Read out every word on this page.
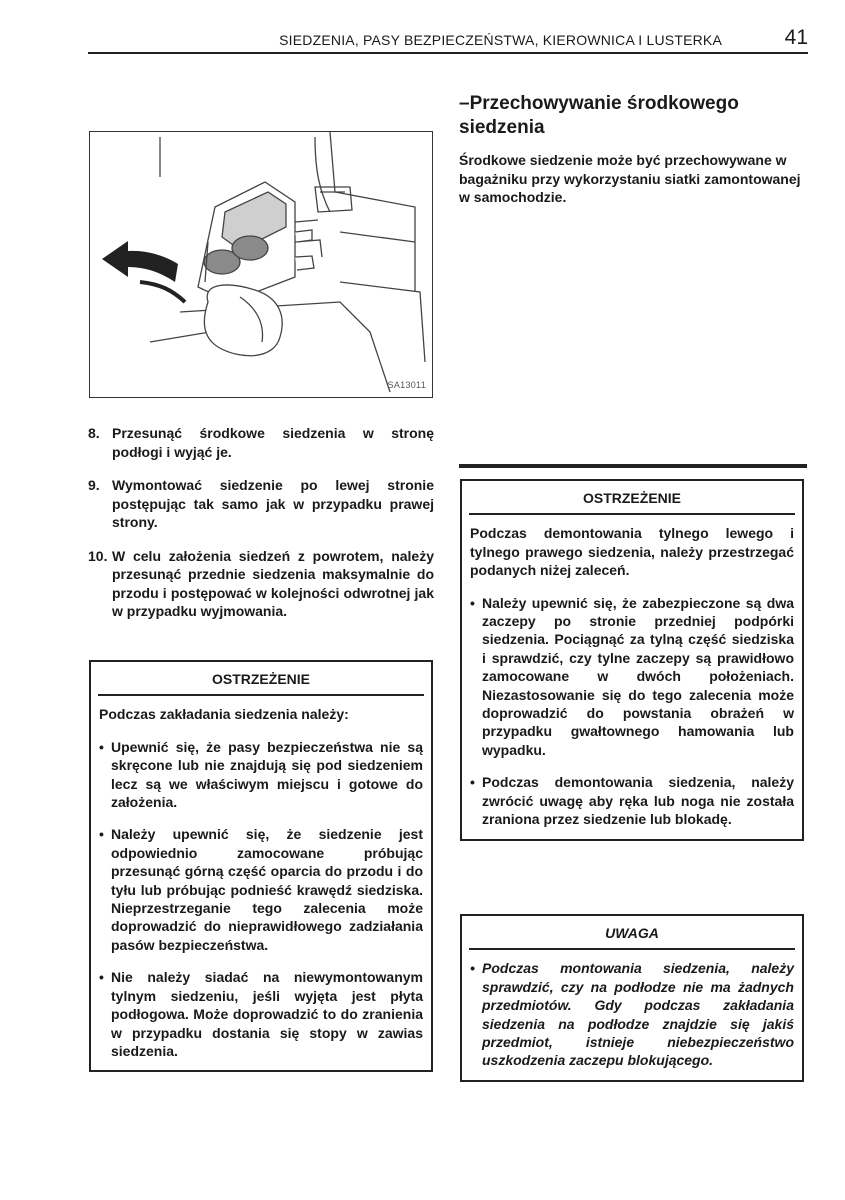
SIEDZENIA, PASY BEZPIECZEŃSTWA, KIEROWNICA I LUSTERKA	41
SA13011
8. Przesunąć środkowe siedzenia w stronę podłogi i wyjąć je.
9. Wymontować siedzenie po lewej stronie postępując tak samo jak w przypadku prawej strony.
10. W celu założenia siedzeń z powrotem, należy przesunąć przednie siedzenia maksymalnie do przodu i postępować w kolejności odwrotnej jak w przypadku wyjmowania.
OSTRZEŻENIE
Podczas zakładania siedzenia należy:
• Upewnić się, że pasy bezpieczeństwa nie są skręcone lub nie znajdują się pod siedzeniem lecz są we właściwym miejscu i gotowe do założenia.
• Należy upewnić się, że siedzenie jest odpowiednio zamocowane próbując przesunąć górną część oparcia do przodu i do tyłu lub próbując podnieść krawędź siedziska. Nieprzestrzeganie tego zalecenia może doprowadzić do nieprawidłowego zadziałania pasów bezpieczeństwa.
• Nie należy siadać na niewymontowanym tylnym siedzeniu, jeśli wyjęta jest płyta podłogowa. Może doprowadzić to do zranienia w przypadku dostania się stopy w zawias siedzenia.
–Przechowywanie środkowego siedzenia
Środkowe siedzenie może być przechowywane w bagażniku przy wykorzystaniu siatki zamontowanej w samochodzie.
OSTRZEŻENIE
Podczas demontowania tylnego lewego i tylnego prawego siedzenia, należy przestrzegać podanych niżej zaleceń.
• Należy upewnić się, że zabezpieczone są dwa zaczepy po stronie przedniej podpórki siedzenia. Pociągnąć za tylną część siedziska i sprawdzić, czy tylne zaczepy są prawidłowo zamocowane w dwóch położeniach. Niezastosowanie się do tego zalecenia może doprowadzić do powstania obrażeń w przypadku gwałtownego hamowania lub wypadku.
• Podczas demontowania siedzenia, należy zwrócić uwagę aby ręka lub noga nie została zraniona przez siedzenie lub blokadę.
UWAGA
• Podczas montowania siedzenia, należy sprawdzić, czy na podłodze nie ma żadnych przedmiotów. Gdy podczas zakładania siedzenia na podłodze znajdzie się jakiś przedmiot, istnieje niebezpieczeństwo uszkodzenia zaczepu blokującego.
